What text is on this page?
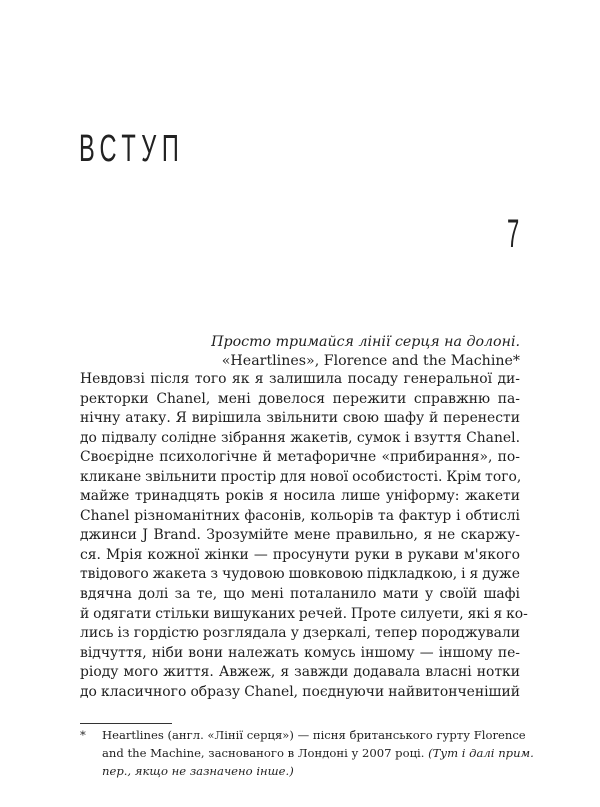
ВСТУП
7
Просто тримайся лінії серця на долоні.
«Heartlines», Florence and the Machine*
Невдовзі після того як я залишила посаду генеральної ди-
ректорки Chanel, мені довелося пережити справжню па-
нічну атаку. Я вирішила звільнити свою шафу й перенести
до підвалу солідне зібрання жакетів, сумок і взуття Chanel.
Своєрідне психологічне й метафоричне «прибирання», по-
кликане звільнити простір для нової особистості. Крім того,
майже тринадцять років я носила лише уніформу: жакети
Chanel різноманітних фасонів, кольорів та фактур і обтислі
джинси J Brand. Зрозумійте мене правильно, я не скаржу-
ся. Мрія кожної жінки — просунути руки в рукави м'якого
твідового жакета з чудовою шовковою підкладкою, і я дуже
вдячна долі за те, що мені поталанило мати у своїй шафі
й одягати стільки вишуканих речей. Проте силуети, які я ко-
лись із гордістю розглядала у дзеркалі, тепер породжували
відчуття, ніби вони належать комусь іншому — іншому пе-
ріоду мого життя. Авжеж, я завжди додавала власні нотки
до класичного образу Chanel, поєднуючи найвитонченіший
* Heartlines (англ. «Лінії серця») — пісня британського гурту Florence
and the Machine, заснованого в Лондоні у 2007 році. (Тут і далі прим.
пер., якщо не зазначено інше.)
